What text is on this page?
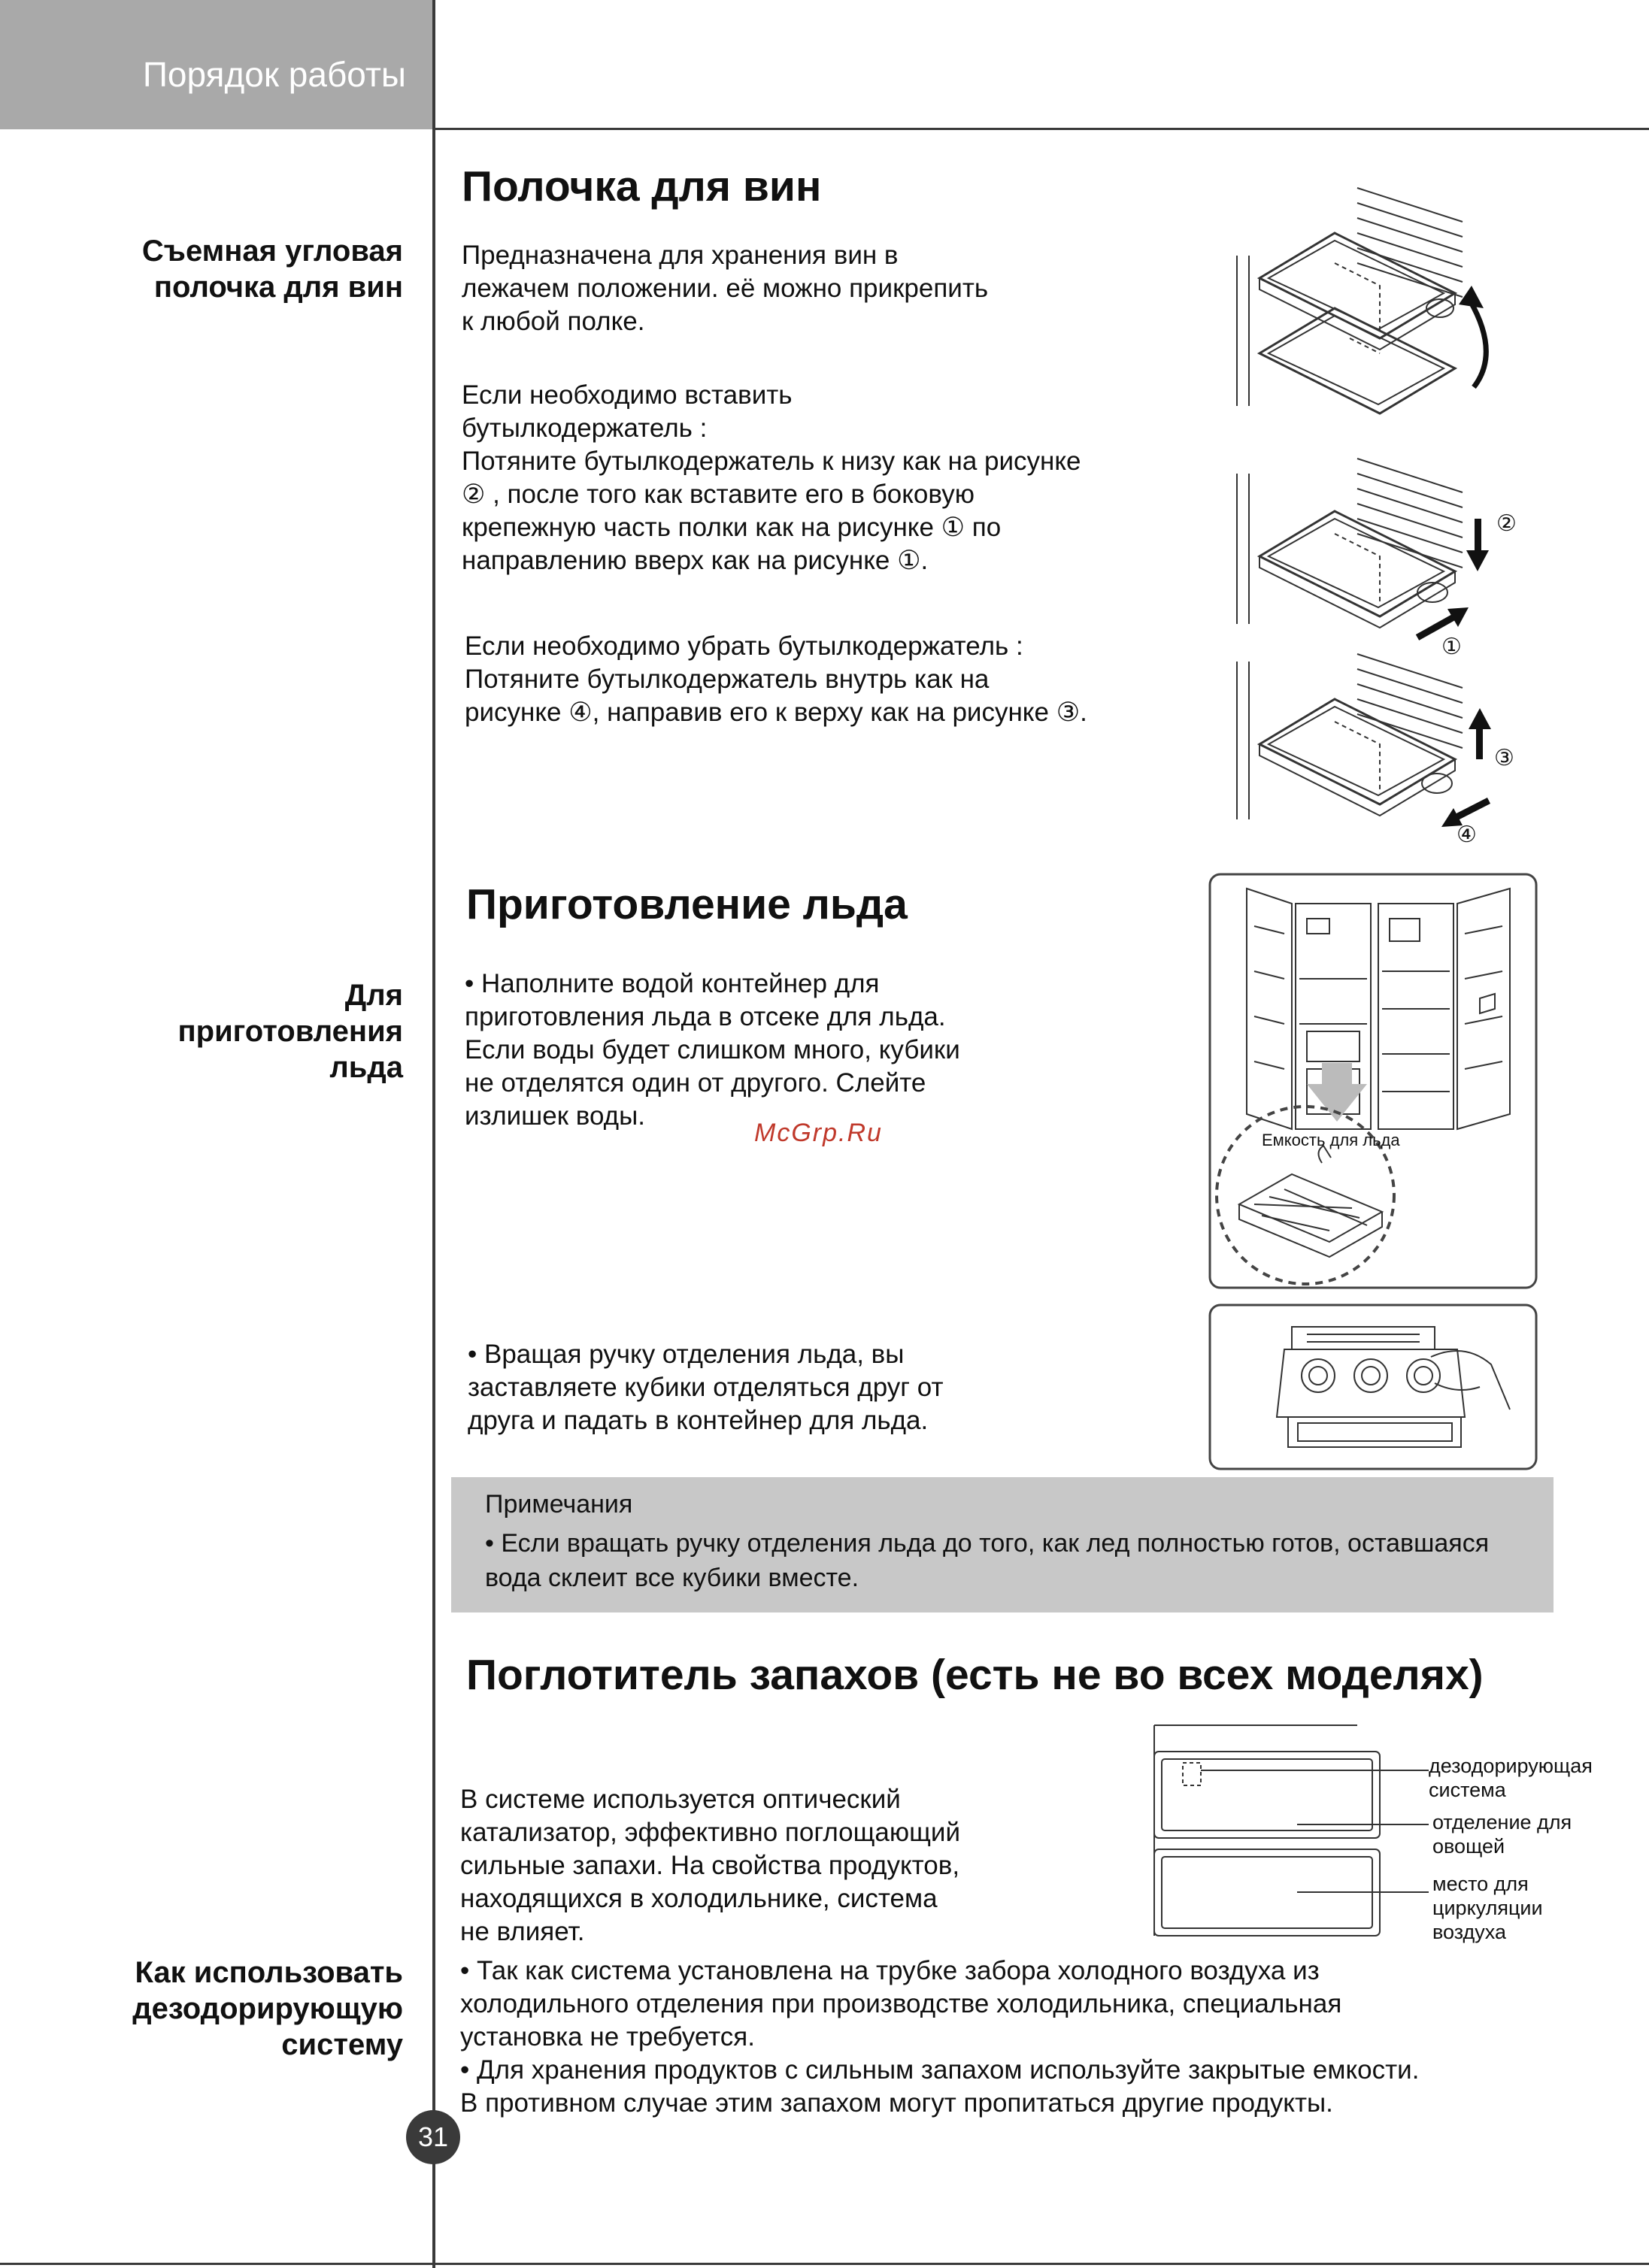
Порядок работы
Съемная угловая
полочка для вин
Для
приготовления
льда
Как использовать
дезодорирующую
систему
Полочка для вин
Предназначена для хранения вин в
лежачем положении. её можно прикрепить
к любой полке.
Если необходимо вставить
бутылкодержатель :
Потяните бутылкодержатель к низу как на рисунке
② , после того как вставите его в боковую
крепежную часть полки как на рисунке ① по
направлению вверх как на рисунке ①.
Если необходимо убрать бутылкодержатель :
Потяните бутылкодержатель внутрь как на
рисунке ④, направив его к верху как на рисунке ③.
②
①
③
④
Приготовление льда
• Наполните водой контейнер для
приготовления льда в отсеке для льда.
Если воды будет слишком много, кубики
не отделятся один от другого. Слейте
излишек воды.
McGrp.Ru
• Вращая ручку отделения льда, вы
заставляете кубики отделяться друг от
друга и падать в контейнер для льда.
Емкость для льда
Примечания
• Если вращать ручку отделения льда до того, как лед полностью готов, оставшаяся
вода склеит все кубики вместе.
Поглотитель запахов (есть не во всех моделях)
В системе используется оптический
катализатор, эффективно поглощающий
сильные запахи. На свойства продуктов,
находящихся в холодильнике, система
не влияет.
• Так как система установлена на трубке забора холодного воздуха из
холодильного отделения при производстве холодильника, специальная
установка не требуется.
• Для хранения продуктов с сильным запахом используйте закрытые емкости.
В противном случае этим запахом могут пропитаться другие продукты.
дезодорирующая
система
отделение для
овощей
место для
циркуляции
воздуха
31
